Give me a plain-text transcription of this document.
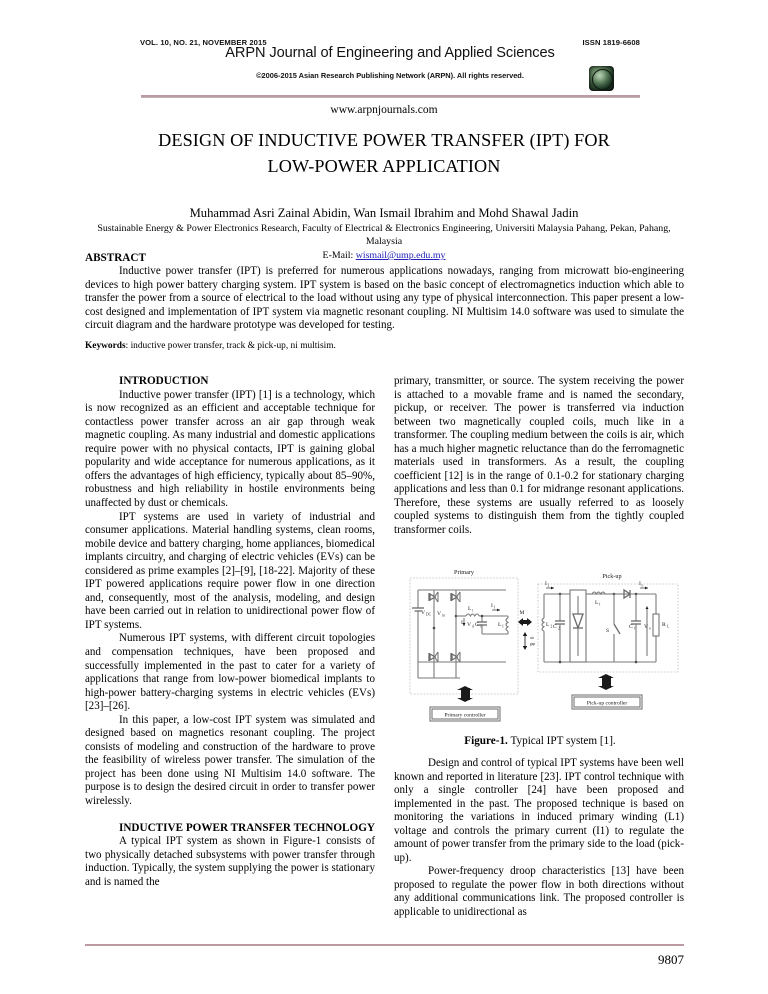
VOL. 10, NO. 21, NOVEMBER 2015	ISSN 1819-6608
ARPN Journal of Engineering and Applied Sciences
©2006-2015 Asian Research Publishing Network (ARPN). All rights reserved.
www.arpnjournals.com
DESIGN OF INDUCTIVE POWER TRANSFER (IPT) FOR LOW-POWER APPLICATION
Muhammad Asri Zainal Abidin, Wan Ismail Ibrahim and Mohd Shawal Jadin
Sustainable Energy & Power Electronics Research, Faculty of Electrical & Electronics Engineering, Universiti Malaysia Pahang, Pekan, Pahang, Malaysia
E-Mail: wismail@ump.edu.my
ABSTRACT
Inductive power transfer (IPT) is preferred for numerous applications nowadays, ranging from microwatt bio-engineering devices to high power battery charging system. IPT system is based on the basic concept of electromagnetics induction which able to transfer the power from a source of electrical to the load without using any type of physical interconnection. This paper present a low-cost designed and implementation of IPT system via magnetic resonant coupling. NI Multisim 14.0 software was used to simulate the circuit diagram and the hardware prototype was developed for testing.
Keywords: inductive power transfer, track & pick-up, ni multisim.

INTRODUCTION

Inductive power transfer (IPT) [1] is a technology, which is now recognized as an efficient and acceptable technique for contactless power transfer across an air gap through weak magnetic coupling. As many industrial and domestic applications require power with no physical contacts, IPT is gaining global popularity and wide acceptance for numerous applications, as it offers the advantages of high efficiency, typically about 85–90%, robustness and high reliability in hostile environments being unaffected by dust or chemicals.

IPT systems are used in variety of industrial and consumer applications. Material handling systems, clean rooms, mobile device and battery charging, home appliances, biomedical implants circuitry, and charging of electric vehicles (EVs) can be considered as prime examples [2]–[9], [18-22]. Majority of these IPT powered applications require power flow in one direction and, consequently, most of the analysis, modeling, and design have been carried out in relation to unidirectional power flow of IPT systems.

Numerous IPT systems, with different circuit topologies and compensation techniques, have been proposed and successfully implemented in the past to cater for a variety of applications that range from low-power biomedical implants to high-power battery-charging systems in electric vehicles (EVs) [23]–[26].

In this paper, a low-cost IPT system was simulated and designed based on magnetics resonant coupling. The project consists of modeling and construction of the hardware to prove the feasibility of wireless power transfer. The simulation of the project has been done using NI Multisim 14.0 software. The purpose is to design the desired circuit in order to transfer power wirelessly.

INDUCTIVE POWER TRANSFER TECHNOLOGY

A typical IPT system as shown in Figure-1 consists of two physically detached subsystems with power transfer through induction. Typically, the system supplying the power is stationary and is named the

primary, transmitter, or source. The system receiving the power is attached to a movable frame and is named the secondary, pickup, or receiver. The power is transferred via induction between two magnetically coupled coils, much like in a transformer. The coupling medium between the coils is air, which has a much higher magnetic reluctance than do the ferromagnetic materials used in transformers. As a result, the coupling coefficient [12] is in the range of 0.1-0.2 for stationary charging applications and less than 0.1 for midrange resonant applications. Therefore, these systems are usually referred to as loosely coupled systems to distinguish them from the tightly coupled transformer coils.

Primary
Pick-up
V DC V in
L t
I 1
I l V d C 1	L 1
M
air
gap
L 2
I 2
C 2
L f
S
C f V o
R L
I o
Primary controller
Pick-up controller
Figure-1. Typical IPT system [1].

Design and control of typical IPT systems have been well known and reported in literature [23]. IPT control technique with only a single controller [24] have been proposed and implemented in the past. The proposed technique is based on monitoring the variations in induced primary winding (L1) voltage and controls the primary current (I1) to regulate the amount of power transfer from the primary side to the load (pick-up).

Power-frequency droop characteristics [13] have been proposed to regulate the power flow in both directions without any additional communications link. The proposed controller is applicable to unidirectional as

9807
